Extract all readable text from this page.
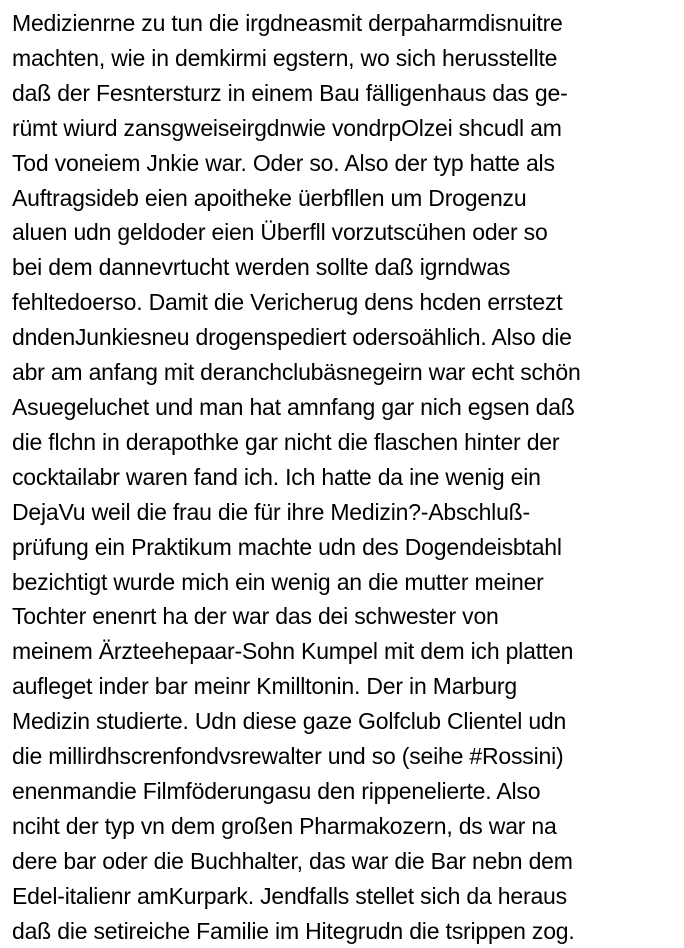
Medizienrne zu tun die irgdneasmit derpaharmdisnuitre
machten, wie in demkirmi egstern, wo sich herusstellte
daß der Fesntersturz in einem Bau fälligenhaus das ge-
rümt wiurd zansgweiseirgdnwie vondrpOlzei shcudl am
Tod voneiem Jnkie war. Oder so. Also der typ hatte als
Auftragsideb eien apoitheke üerbfllen um Drogenzu
aluen udn geldoder eien Überfll vorzutscühen oder so
bei dem dannevrtucht werden sollte daß igrndwas
fehltedoerso. Damit die Vericherug dens hcden errstezt
dndenJunkiesneu drogenspediert odersoählich. Also die
abr am anfang mit deranchclubäsnegeirn war echt schön
Asuegeluchet und man hat amnfang gar nich egsen daß
die flchn in derapothke gar nicht die flaschen hinter der
cocktailabr waren fand ich. Ich hatte da ine wenig ein
DejaVu weil die frau die für ihre Medizin?-Abschluß-
prüfung ein Praktikum machte udn des Dogendeisbtahl
bezichtigt wurde mich ein wenig an die mutter meiner
Tochter enenrt ha der war das dei schwester von
meinem Ärzteehepaar-Sohn Kumpel mit dem ich platten
aufleget inder bar meinr Kmilltonin. Der in Marburg
Medizin studierte. Udn diese gaze Golfclub Clientel udn
die millirdhscrenfondvsrewalter und so (seihe #Rossini)
enenmandie Filmföderungasu den rippenelierte. Also
nciht der typ vn dem großen Pharmakozern, ds war na
dere bar oder die Buchhalter, das war die Bar nebn dem
Edel-italienr amKurpark. Jendfalls stellet sich da heraus
daß die setireiche Familie im Hitegrudn die tsrippen zog.
